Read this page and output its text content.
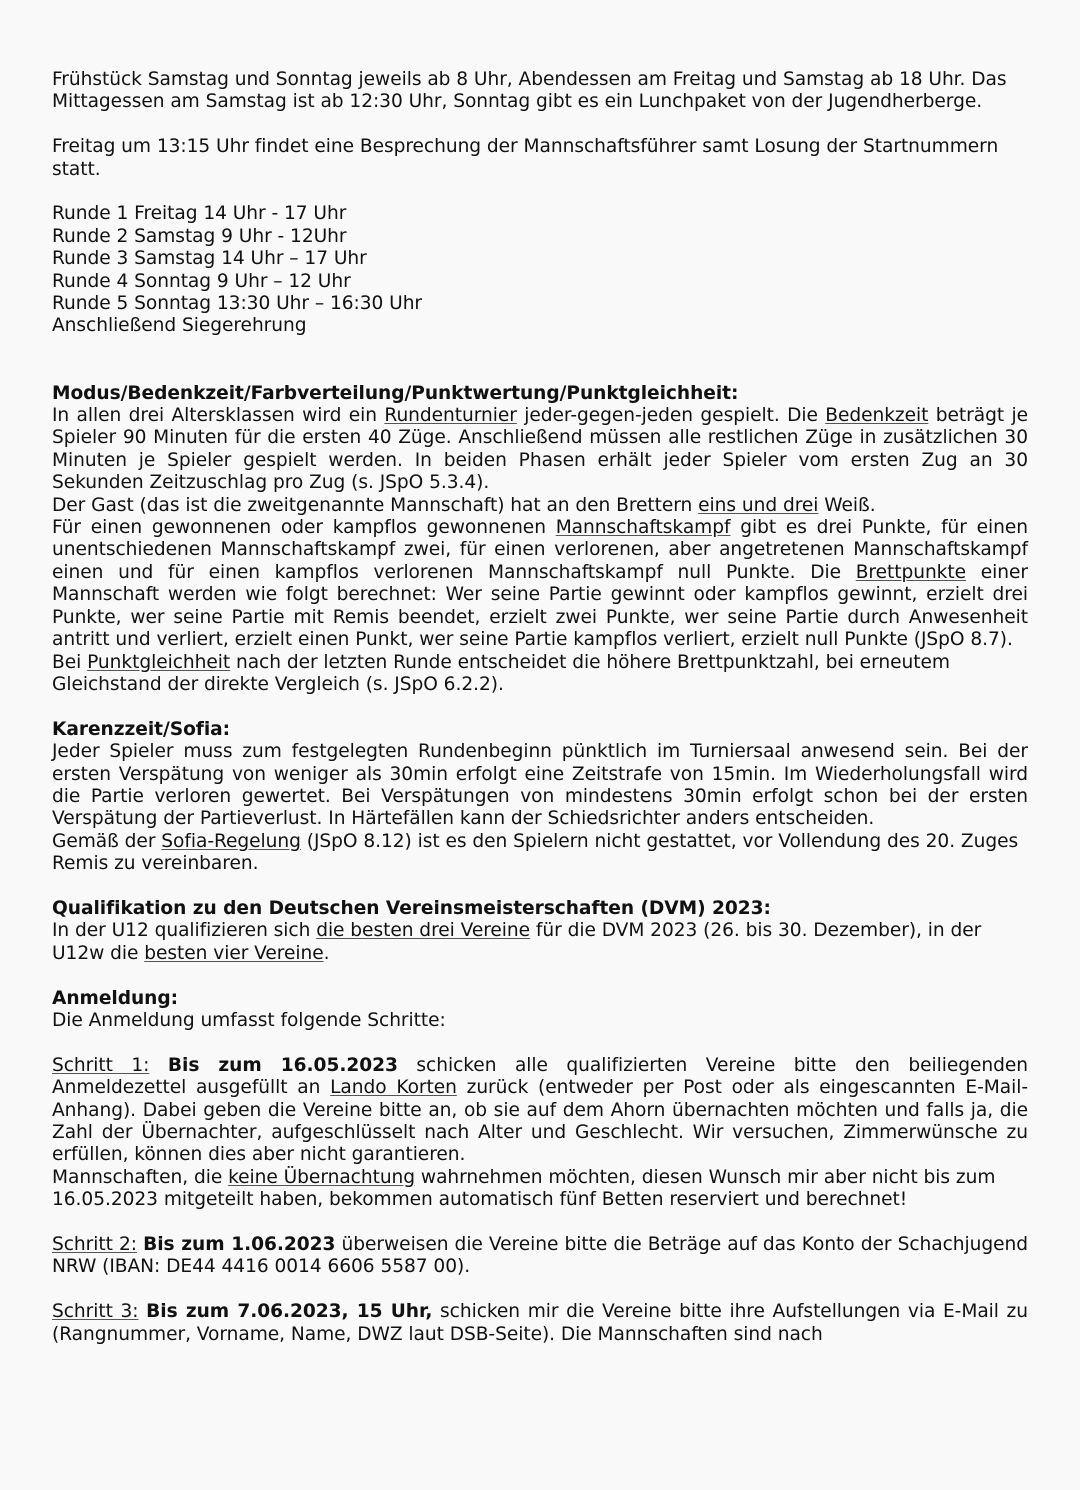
Frühstück Samstag und Sonntag jeweils ab 8 Uhr, Abendessen am Freitag und Samstag ab 18 Uhr. Das Mittagessen am Samstag ist ab 12:30 Uhr, Sonntag gibt es ein Lunchpaket von der Jugendherberge.

Freitag um 13:15 Uhr findet eine Besprechung der Mannschaftsführer samt Losung der Startnummern statt.

Runde 1 Freitag 14 Uhr - 17 Uhr
Runde 2 Samstag 9 Uhr - 12Uhr
Runde 3 Samstag 14 Uhr – 17 Uhr
Runde 4 Sonntag 9 Uhr – 12 Uhr
Runde 5 Sonntag 13:30 Uhr – 16:30 Uhr
Anschließend Siegerehrung
Modus/Bedenkzeit/Farbverteilung/Punktwertung/Punktgleichheit:

In allen drei Altersklassen wird ein Rundenturnier jeder-gegen-jeden gespielt. Die Bedenkzeit beträgt je Spieler 90 Minuten für die ersten 40 Züge. Anschließend müssen alle restlichen Züge in zusätzlichen 30 Minuten je Spieler gespielt werden. In beiden Phasen erhält jeder Spieler vom ersten Zug an 30 Sekunden Zeitzuschlag pro Zug (s. JSpO 5.3.4).

Der Gast (das ist die zweitgenannte Mannschaft) hat an den Brettern eins und drei Weiß.

Für einen gewonnenen oder kampflos gewonnenen Mannschaftskampf gibt es drei Punkte, für einen unentschiedenen Mannschaftskampf zwei, für einen verlorenen, aber angetretenen Mannschaftskampf einen und für einen kampflos verlorenen Mannschaftskampf null Punkte. Die Brettpunkte einer Mannschaft werden wie folgt berechnet: Wer seine Partie gewinnt oder kampflos gewinnt, erzielt drei Punkte, wer seine Partie mit Remis beendet, erzielt zwei Punkte, wer seine Partie durch Anwesenheit antritt und verliert, erzielt einen Punkt, wer seine Partie kampflos verliert, erzielt null Punkte (JSpO 8.7).

Bei Punktgleichheit nach der letzten Runde entscheidet die höhere Brettpunktzahl, bei erneutem Gleichstand der direkte Vergleich (s. JSpO 6.2.2).

Karenzzeit/Sofia:

Jeder Spieler muss zum festgelegten Rundenbeginn pünktlich im Turniersaal anwesend sein. Bei der ersten Verspätung von weniger als 30min erfolgt eine Zeitstrafe von 15min. Im Wiederholungsfall wird die Partie verloren gewertet. Bei Verspätungen von mindestens 30min erfolgt schon bei der ersten Verspätung der Partieverlust. In Härtefällen kann der Schiedsrichter anders entscheiden.

Gemäß der Sofia-Regelung (JSpO 8.12) ist es den Spielern nicht gestattet, vor Vollendung des 20. Zuges Remis zu vereinbaren.

Qualifikation zu den Deutschen Vereinsmeisterschaften (DVM) 2023:

In der U12 qualifizieren sich die besten drei Vereine für die DVM 2023 (26. bis 30. Dezember), in der U12w die besten vier Vereine.

Anmeldung:

Die Anmeldung umfasst folgende Schritte:

Schritt 1: Bis zum 16.05.2023 schicken alle qualifizierten Vereine bitte den beiliegenden Anmeldezettel ausgefüllt an Lando Korten zurück (entweder per Post oder als eingescannten E-Mail-Anhang). Dabei geben die Vereine bitte an, ob sie auf dem Ahorn übernachten möchten und falls ja, die Zahl der Übernachter, aufgeschlüsselt nach Alter und Geschlecht. Wir versuchen, Zimmerwünsche zu erfüllen, können dies aber nicht garantieren.

Mannschaften, die keine Übernachtung wahrnehmen möchten, diesen Wunsch mir aber nicht bis zum 16.05.2023 mitgeteilt haben, bekommen automatisch fünf Betten reserviert und berechnet!

Schritt 2: Bis zum 1.06.2023 überweisen die Vereine bitte die Beträge auf das Konto der Schachjugend NRW (IBAN: DE44 4416 0014 6606 5587 00).

Schritt 3: Bis zum 7.06.2023, 15 Uhr, schicken mir die Vereine bitte ihre Aufstellungen via E-Mail zu (Rangnummer, Vorname, Name, DWZ laut DSB-Seite). Die Mannschaften sind nach
